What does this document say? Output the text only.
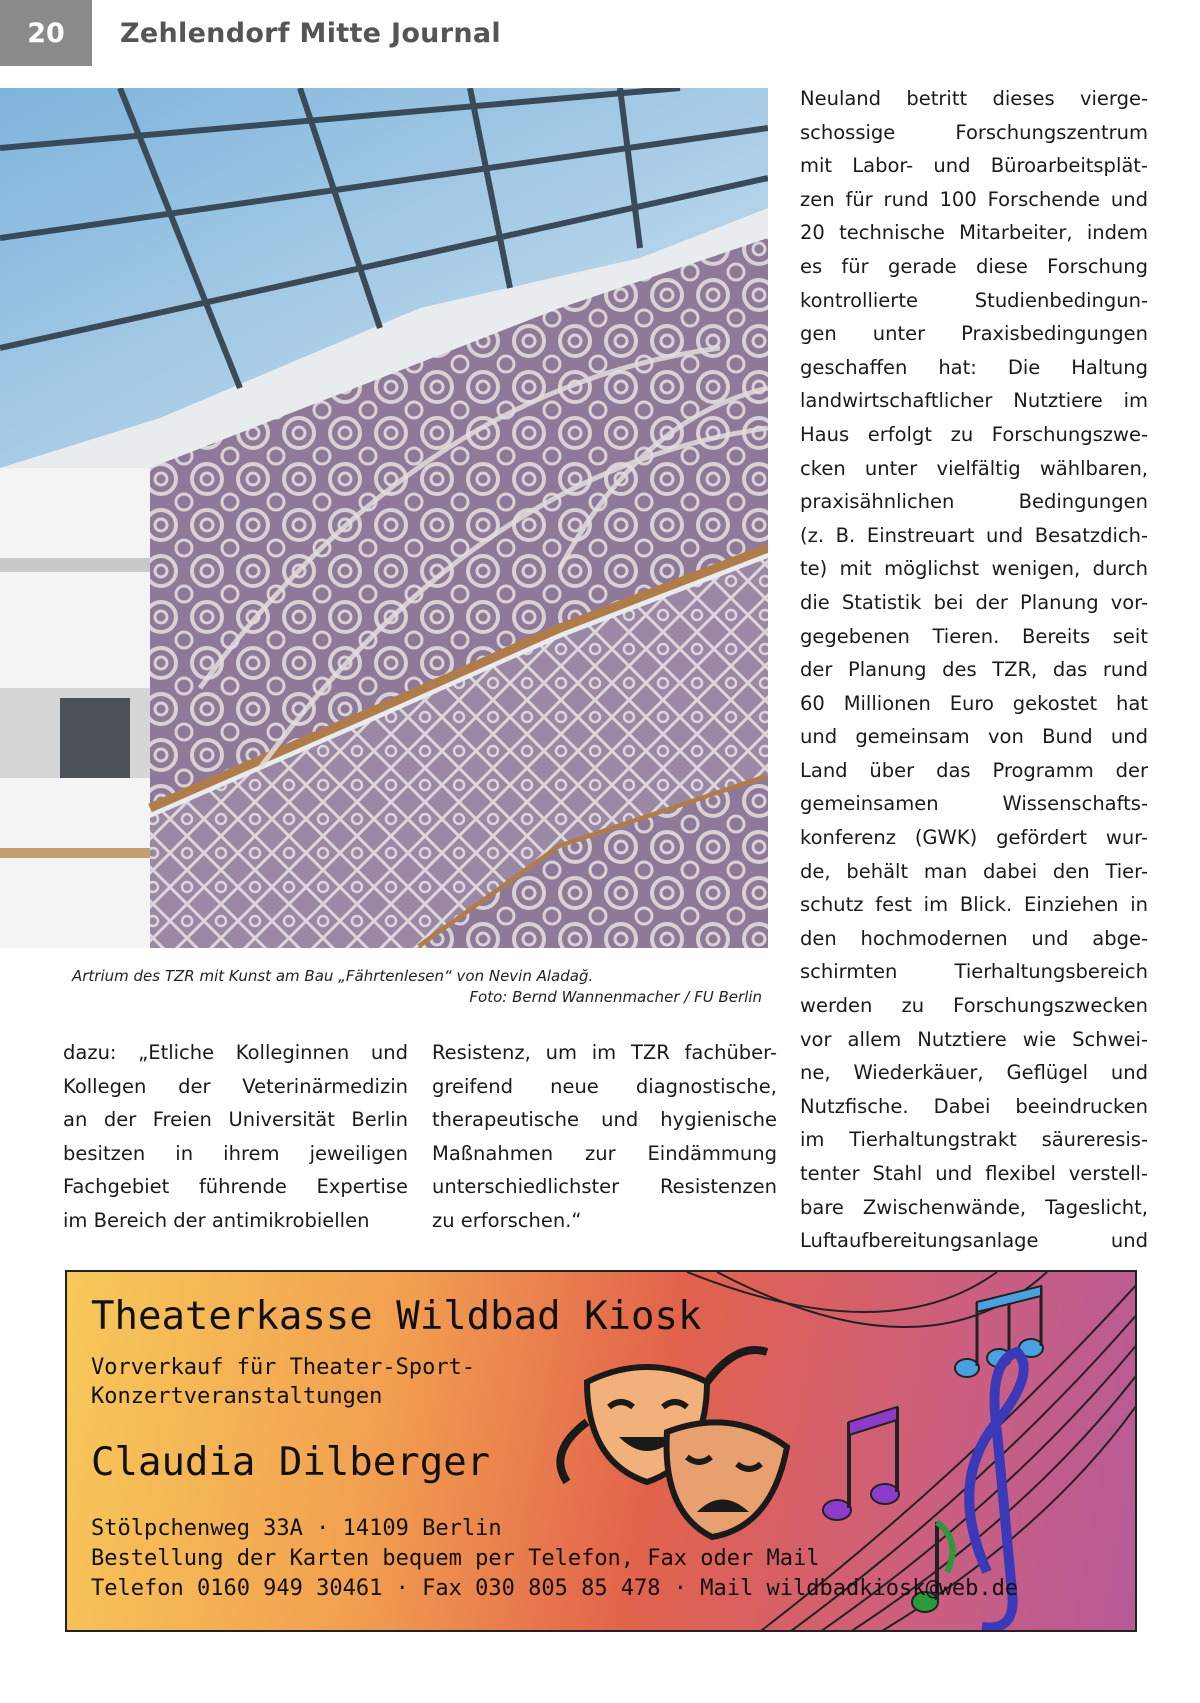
20	Zehlendorf Mitte Journal
Artrium des TZR mit Kunst am Bau „Fährtenlesen“ von Nevin Aladağ.
Foto: Bernd Wannenmacher / FU Berlin
dazu: „Etliche Kolleginnen und
Kollegen der Veterinärmedizin
an der Freien Universität Berlin
besitzen in ihrem jeweiligen
Fachgebiet führende Expertise
im Bereich der antimikrobiellen
Resistenz, um im TZR fachüber-
greifend neue diagnostische,
therapeutische und hygienische
Maßnahmen zur Eindämmung
unterschiedlichster Resistenzen
zu erforschen.“
Neuland betritt dieses vierge-
schossige Forschungszentrum
mit Labor- und Büroarbeitsplät-
zen für rund 100 Forschende und
20 technische Mitarbeiter, indem
es für gerade diese Forschung
kontrollierte Studienbedingun-
gen unter Praxisbedingungen
geschaffen hat: Die Haltung
landwirtschaftlicher Nutztiere im
Haus erfolgt zu Forschungszwe-
cken unter vielfältig wählbaren,
praxisähnlichen Bedingungen
(z. B. Einstreuart und Besatzdich-
te) mit möglichst wenigen, durch
die Statistik bei der Planung vor-
gegebenen Tieren. Bereits seit
der Planung des TZR, das rund
60 Millionen Euro gekostet hat
und gemeinsam von Bund und
Land über das Programm der
gemeinsamen Wissenschafts-
konferenz (GWK) gefördert wur-
de, behält man dabei den Tier-
schutz fest im Blick. Einziehen in
den hochmodernen und abge-
schirmten Tierhaltungsbereich
werden zu Forschungszwecken
vor allem Nutztiere wie Schwei-
ne, Wiederkäuer, Geflügel und
Nutzfische. Dabei beeindrucken
im Tierhaltungstrakt säureresis-
tenter Stahl und flexibel verstell-
bare Zwischenwände, Tageslicht,
Luftaufbereitungsanlage und
Theaterkasse Wildbad Kiosk
Vorverkauf für Theater-Sport-
Konzertveranstaltungen
Claudia Dilberger
Stölpchenweg 33A · 14109 Berlin
Bestellung der Karten bequem per Telefon, Fax oder Mail
Telefon 0160 949 30461 · Fax 030 805 85 478 · Mail wildbadkiosk@web.de
